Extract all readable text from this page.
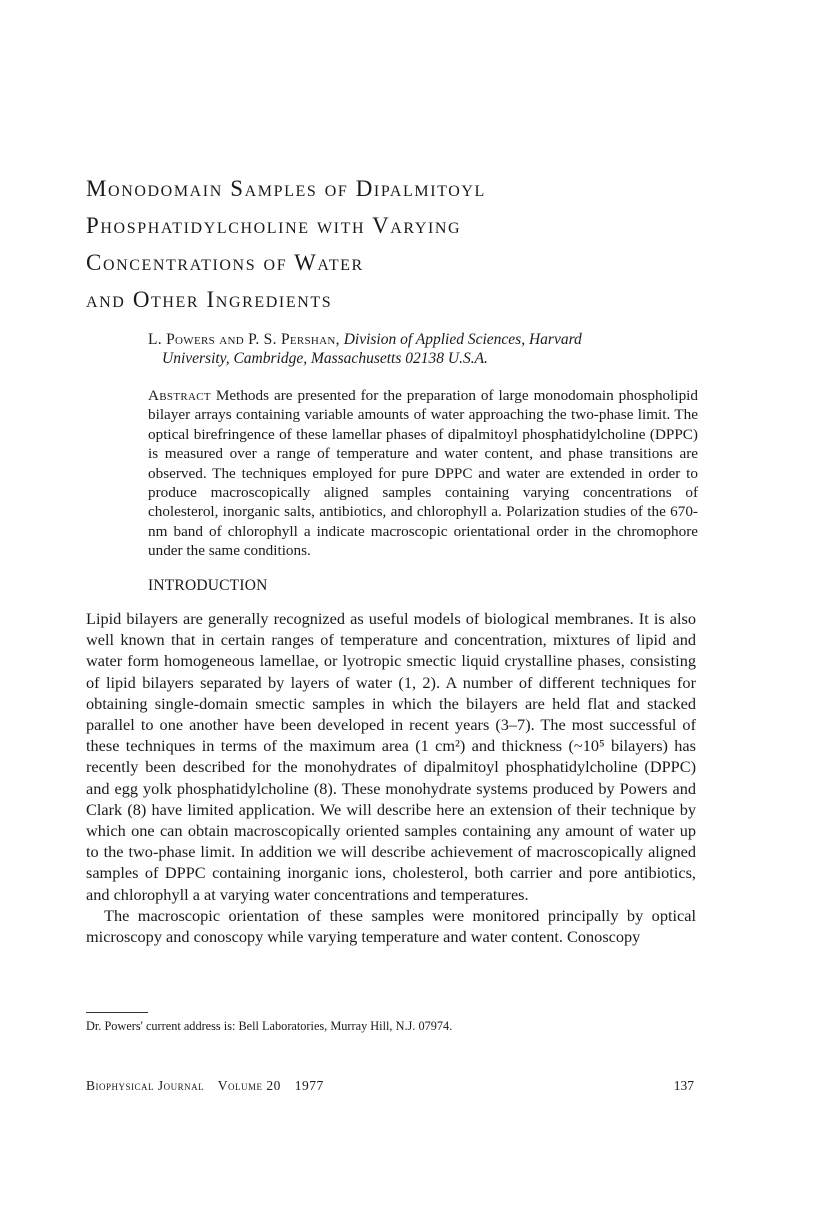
Monodomain Samples of Dipalmitoyl
Phosphatidylcholine with Varying
Concentrations of Water
and Other Ingredients
L. Powers and P. S. Pershan, Division of Applied Sciences, Harvard
University, Cambridge, Massachusetts 02138 U.S.A.
Abstract Methods are presented for the preparation of large monodomain phospholipid bilayer arrays containing variable amounts of water approaching the two-phase limit. The optical birefringence of these lamellar phases of dipalmitoyl phosphatidylcholine (DPPC) is measured over a range of temperature and water content, and phase transitions are observed. The techniques employed for pure DPPC and water are extended in order to produce macroscopically aligned samples containing varying concentrations of cholesterol, inorganic salts, antibiotics, and chlorophyll a. Polarization studies of the 670-nm band of chlorophyll a indicate macroscopic orientational order in the chromophore under the same conditions.
INTRODUCTION

Lipid bilayers are generally recognized as useful models of biological membranes. It is also well known that in certain ranges of temperature and concentration, mixtures of lipid and water form homogeneous lamellae, or lyotropic smectic liquid crystalline phases, consisting of lipid bilayers separated by layers of water (1, 2). A number of different techniques for obtaining single-domain smectic samples in which the bilayers are held flat and stacked parallel to one another have been developed in recent years (3–7). The most successful of these techniques in terms of the maximum area (1 cm²) and thickness (~10⁵ bilayers) has recently been described for the monohydrates of dipalmitoyl phosphatidylcholine (DPPC) and egg yolk phosphatidylcholine (8). These monohydrate systems produced by Powers and Clark (8) have limited application. We will describe here an extension of their technique by which one can obtain macroscopically oriented samples containing any amount of water up to the two-phase limit. In addition we will describe achievement of macroscopically aligned samples of DPPC containing inorganic ions, cholesterol, both carrier and pore antibiotics, and chlorophyll a at varying water concentrations and temperatures.

The macroscopic orientation of these samples were monitored principally by optical microscopy and conoscopy while varying temperature and water content. Conoscopy

Dr. Powers' current address is: Bell Laboratories, Murray Hill, N.J. 07974.
Biophysical Journal Volume 20 1977	137
